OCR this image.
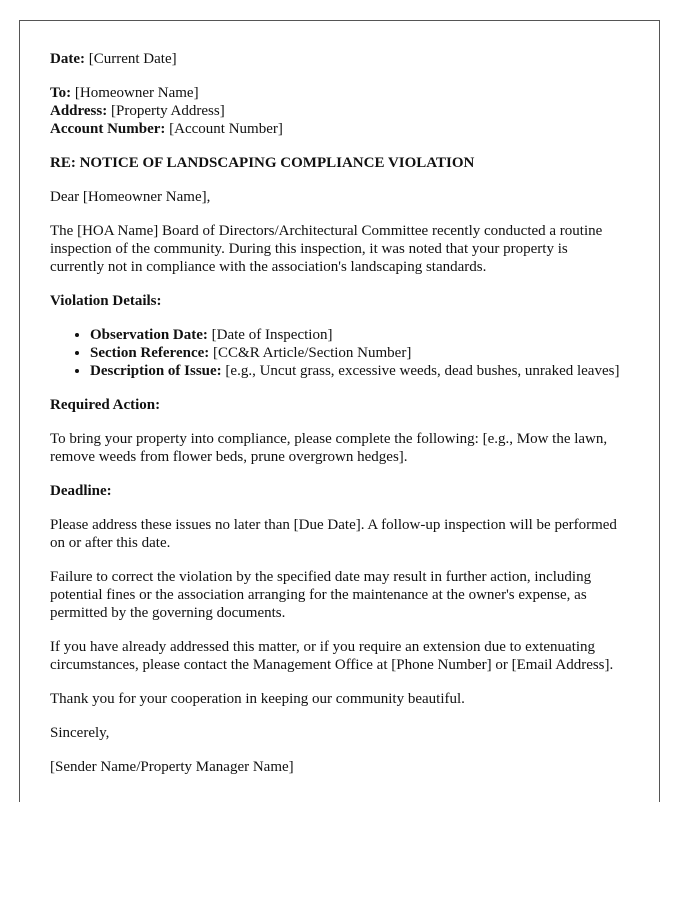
Date: [Current Date]

To: [Homeowner Name]
Address: [Property Address]
Account Number: [Account Number]

RE: NOTICE OF LANDSCAPING COMPLIANCE VIOLATION

Dear [Homeowner Name],

The [HOA Name] Board of Directors/Architectural Committee recently conducted a routine inspection of the community. During this inspection, it was noted that your property is currently not in compliance with the association's landscaping standards.

Violation Details:

• Observation Date: [Date of Inspection]
• Section Reference: [CC&R Article/Section Number]
• Description of Issue: [e.g., Uncut grass, excessive weeds, dead bushes, unraked leaves]

Required Action:

To bring your property into compliance, please complete the following: [e.g., Mow the lawn, remove weeds from flower beds, prune overgrown hedges].

Deadline:

Please address these issues no later than [Due Date]. A follow-up inspection will be performed on or after this date.

Failure to correct the violation by the specified date may result in further action, including potential fines or the association arranging for the maintenance at the owner's expense, as permitted by the governing documents.

If you have already addressed this matter, or if you require an extension due to extenuating circumstances, please contact the Management Office at [Phone Number] or [Email Address].

Thank you for your cooperation in keeping our community beautiful.

Sincerely,

[Sender Name/Property Manager Name]
